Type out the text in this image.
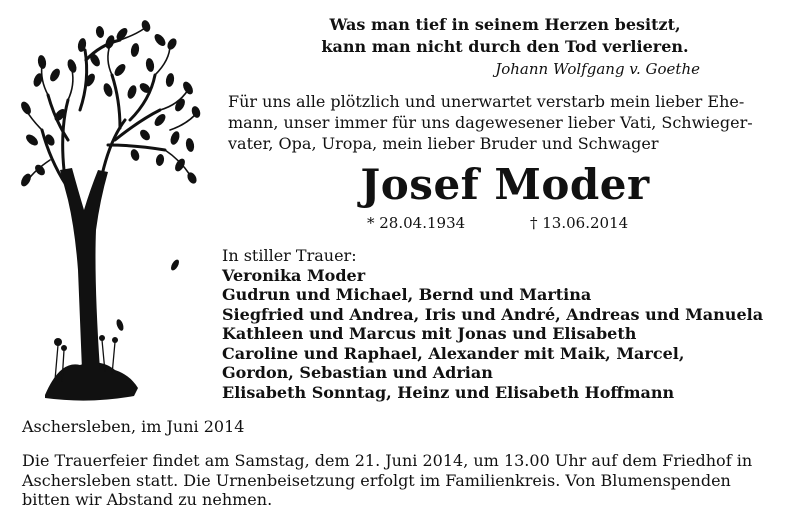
Was man tief in seinem Herzen besitzt,
kann man nicht durch den Tod verlieren.
Johann Wolfgang v. Goethe
Für uns alle plötzlich und unerwartet verstarb mein lieber Ehe-
mann, unser immer für uns dagewesener lieber Vati, Schwieger-
vater, Opa, Uropa, mein lieber Bruder und Schwager
Josef Moder
* 28.04.1934	† 13.06.2014
In stiller Trauer:
Veronika Moder
Gudrun und Michael, Bernd und Martina
Siegfried und Andrea, Iris und André, Andreas und Manuela
Kathleen und Marcus mit Jonas und Elisabeth
Caroline und Raphael, Alexander mit Maik, Marcel,
Gordon, Sebastian und Adrian
Elisabeth Sonntag, Heinz und Elisabeth Hoffmann
Aschersleben, im Juni 2014
Die Trauerfeier findet am Samstag, dem 21. Juni 2014, um 13.00 Uhr auf dem Friedhof in
Aschersleben statt. Die Urnenbeisetzung erfolgt im Familienkreis. Von Blumenspenden
bitten wir Abstand zu nehmen.
